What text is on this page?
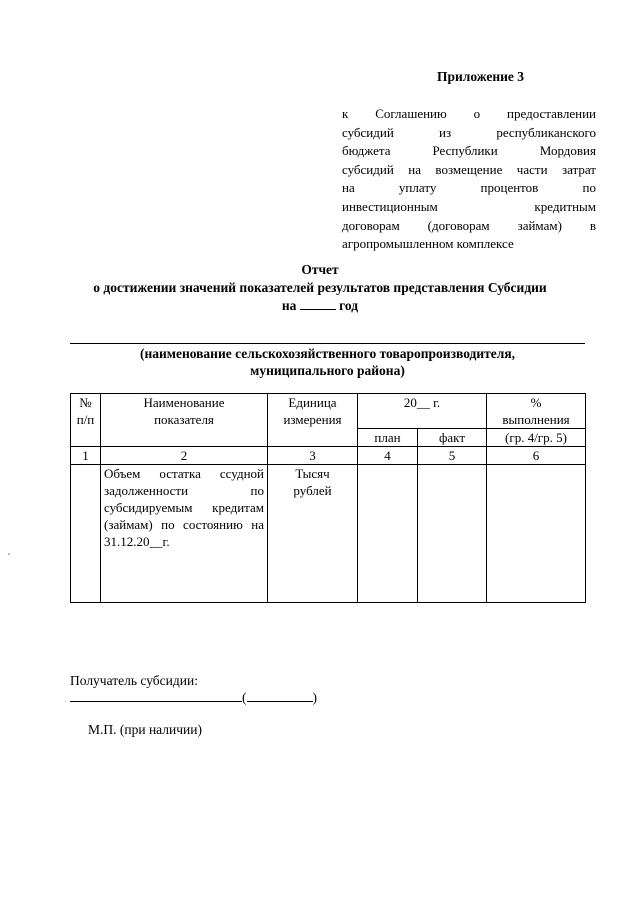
Приложение 3
к Соглашению о предоставлении
субсидий из республиканского
бюджета Республики Мордовия
субсидий на возмещение части затрат
на уплату процентов по
инвестиционным кредитным
договорам (договорам займам) в
агропромышленном комплексе
Отчет
о достижении значений показателей результатов представления Субсидии
на	год
(наименование сельскохозяйственного товаропроизводителя,
муниципального района)
№ п/п	Наименование показателя	Единица измерения	20__ г.		% выполнения
			план	факт	(гр. 4/гр. 5)
1	2	3	4	5	6
	Объем остатка ссудной задолженности по субсидируемым кредитам (займам) по состоянию на 31.12.20__г.	Тысяч рублей			
Получатель субсидии:
(	)
М.П. (при наличии)
